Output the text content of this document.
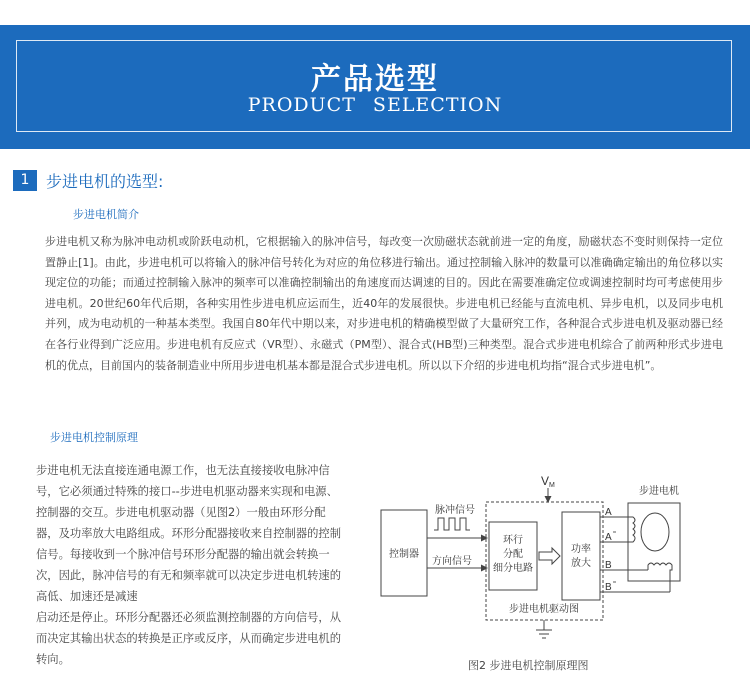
产品选型
PRODUCT SELECTION
1	步进电机的选型:
步进电机简介
步进电机又称为脉冲电动机或阶跃电动机，它根据输入的脉冲信号，每改变一次励磁状态就前进一定的角度，励磁状态不变时则保持一定位置静止[1]。由此，步进电机可以将输入的脉冲信号转化为对应的角位移进行输出。通过控制输入脉冲的数量可以准确确定输出的角位移以实现定位的功能；而通过控制输入脉冲的频率可以准确控制输出的角速度而达调速的目的。因此在需要准确定位或调速控制时均可考虑使用步进电机。20世纪60年代后期，各种实用性步进电机应运而生，近40年的发展很快。步进电机已经能与直流电机、异步电机，以及同步电机并列，成为电动机的一种基本类型。我国自80年代中期以来，对步进电机的精确模型做了大量研究工作，各种混合式步进电机及驱动器已经在各行业得到广泛应用。步进电机有反应式（VR型）、永磁式（PM型）、混合式(HB型)三种类型。混合式步进电机综合了前两种形式步进电机的优点，目前国内的装备制造业中所用步进电机基本都是混合式步进电机。所以以下介绍的步进电机均指“混合式步进电机”。
步进电机控制原理

步进电机无法直接连通电源工作，也无法直接接收电脉冲信号，它必须通过特殊的接口--步进电机驱动器来实现和电源、控制器的交互。步进电机驱动器（见图2）一般由环形分配器，及功率放大电路组成。环形分配器接收来自控制器的控制信号。每接收到一个脉冲信号环形分配器的输出就会转换一次，因此，脉冲信号的有无和频率就可以决定步进电机转速的高低、加速还是减速

启动还是停止。环形分配器还必须监测控制器的方向信号，从而决定其输出状态的转换是正序或反序，从而确定步进电机的转向。

控制器
脉冲信号
方向信号
环行
分配
细分电路
功率
放大
步进电机驱动图
V M
步进电机
A
A
B
B
图2 步进电机控制原理图
